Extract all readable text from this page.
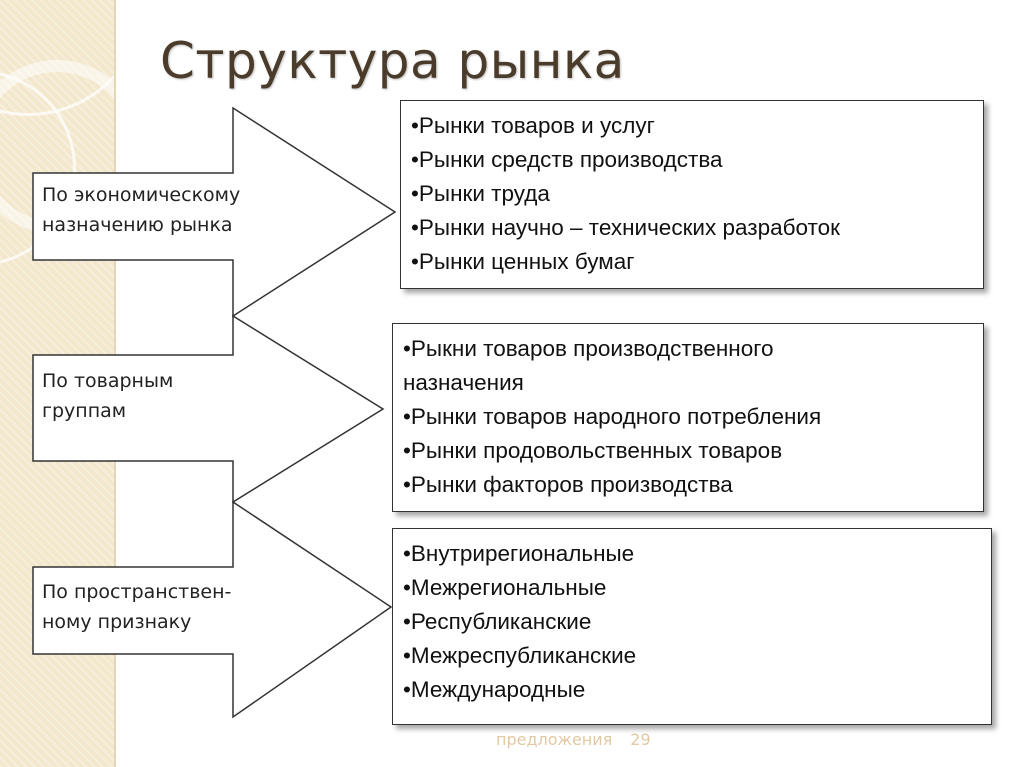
Структура рынка
По экономическому
назначению рынка
По товарным
группам
По пространствен-
ному признаку
• Рынки товаров и услуг
• Рынки средств производства
• Рынки труда
• Рынки научно – технических разработок
• Рынки ценных бумаг
• Рыкни товаров производственного назначения
• Рынки товаров народного потребления
• Рынки продовольственных товаров
• Рынки факторов производства
• Внутрирегиональные
• Межрегиональные
• Республиканские
• Межреспубликанские
• Международные
предложения 29
